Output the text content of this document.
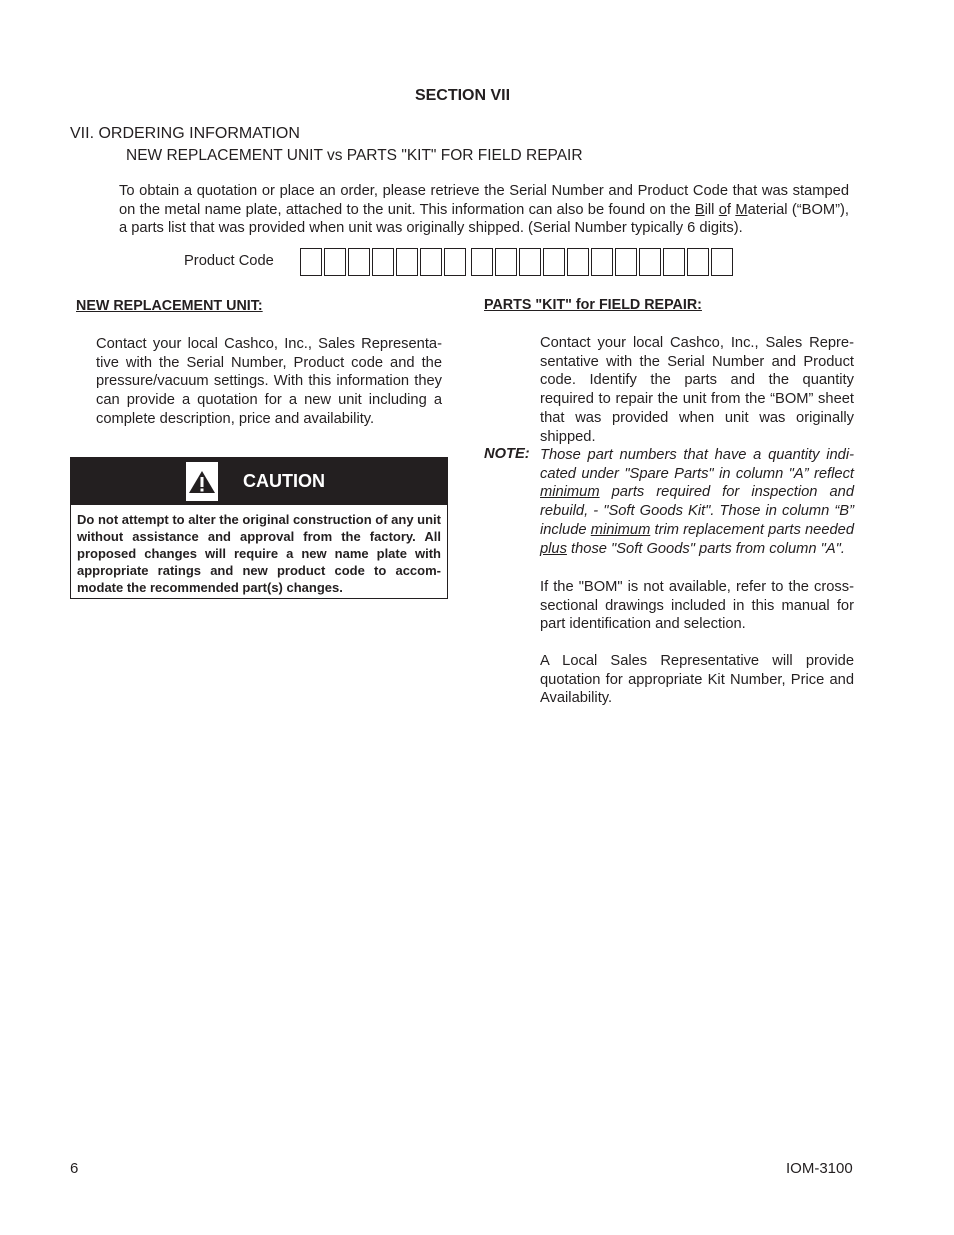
SECTION VII
VII. ORDERING INFORMATION
NEW REPLACEMENT UNIT vs PARTS "KIT" FOR FIELD REPAIR
To obtain a quotation or place an order, please retrieve the Serial Number and Product Code that was stamped on the metal name plate, attached to the unit. This information can also be found on the Bill of Material (“BOM”), a parts list that was provided when unit was originally shipped. (Serial Number typically 6 digits).
Product Code
NEW REPLACEMENT UNIT:
Contact your local Cashco, Inc., Sales Representative with the Serial Number, Product code and the pressure/vacuum settings. With this information they can provide a quotation for a new unit including a complete description, price and availability.
CAUTION
Do not attempt to alter the original construction of any unit without assistance and approval from the factory. All proposed changes will require a new name plate with appropriate ratings and new product code to accommodate the recommended part(s) changes.
PARTS "KIT" for FIELD REPAIR:
Contact your local Cashco, Inc., Sales Representative with the Serial Number and Product code. Identify the parts and the quantity required to repair the unit from the “BOM” sheet that was provided when unit was originally shipped.
NOTE: Those part numbers that have a quantity indicated under "Spare Parts" in column "A” reflect minimum parts required for inspection and rebuild, - "Soft Goods Kit". Those in column “B” include minimum trim replacement parts needed plus those "Soft Goods" parts from column "A".
If the "BOM" is not available, refer to the cross-sectional drawings included in this manual for part identification and selection.
A Local Sales Representative will provide quotation for appropriate Kit Number, Price and Availability.
6	IOM-3100
